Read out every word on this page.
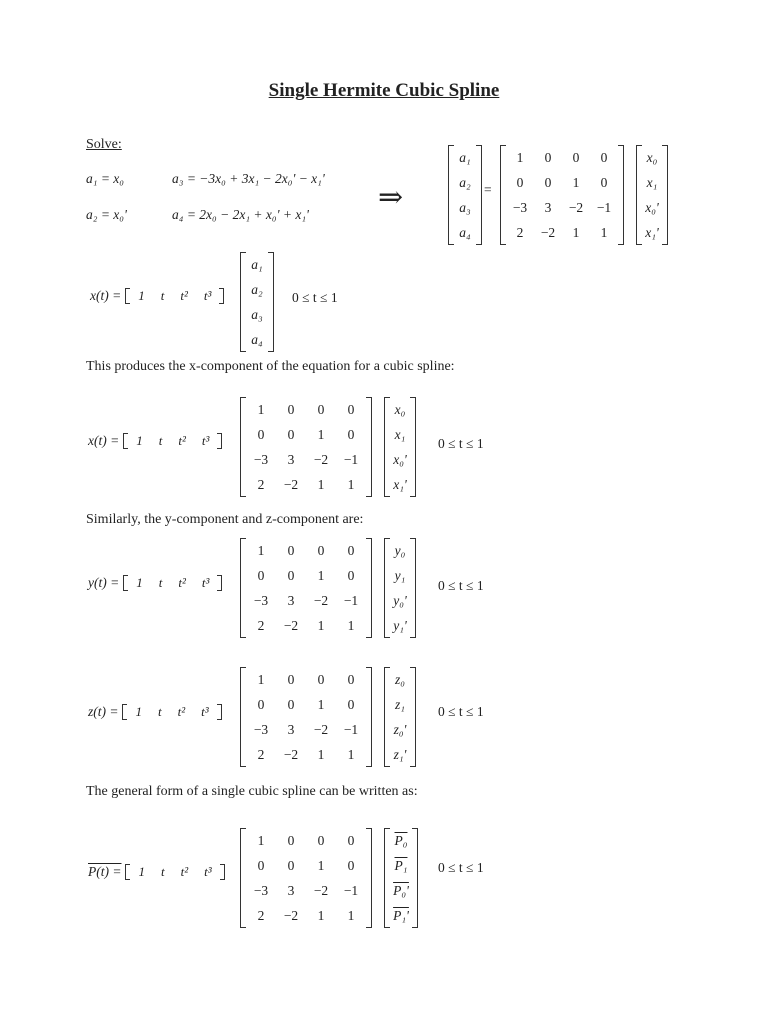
Single Hermite Cubic Spline
Solve:
a₁ = x₀
a₂ = x₀'
a₃ = −3x₀ + 3x₁ − 2x₀' − x₁'
a₄ = 2x₀ − 2x₁ + x₀' + x₁'
⇒
a₁
a₂
a₃
a₄
=
1	0	0	0
0	0	1	0
−3	3	−2	−1
2	−2	1	1
x₀
x₁
x₀'
x₁'
x(t) =	1	t	t²	t³
a₁
a₂
a₃
a₄
0 ≤ t ≤ 1
This produces the x-component of the equation for a cubic spline:
x(t) =	1	t	t²	t³
1	0	0	0
0	0	1	0
−3	3	−2	−1
2	−2	1	1
x₀
x₁
x₀'
x₁'
0 ≤ t ≤ 1
Similarly, the y-component and z-component are:
y(t) =	1	t	t²	t³
1	0	0	0
0	0	1	0
−3	3	−2	−1
2	−2	1	1
y₀
y₁
y₀'
y₁'
0 ≤ t ≤ 1
z(t) =	1	t	t²	t³
1	0	0	0
0	0	1	0
−3	3	−2	−1
2	−2	1	1
z₀
z₁
z₀'
z₁'
0 ≤ t ≤ 1
The general form of a single cubic spline can be written as:
P(t) =	1	t	t²	t³
1	0	0	0
0	0	1	0
−3	3	−2	−1
2	−2	1	1
P₀
P₁
P₀'
P₁'
0 ≤ t ≤ 1
